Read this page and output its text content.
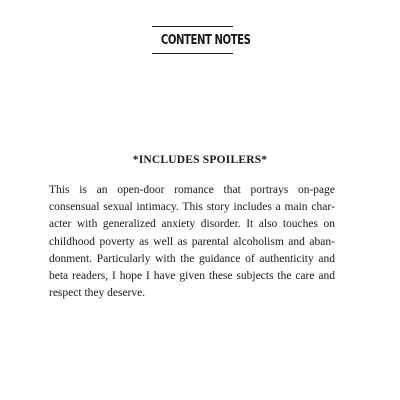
CONTENT NOTES
*INCLUDES SPOILERS*

This is an open-door romance that portrays on-page consensual sexual intimacy. This story includes a main character with generalized anxiety disorder. It also touches on childhood poverty as well as parental alcoholism and abandonment. Particularly with the guidance of authenticity and beta readers, I hope I have given these subjects the care and respect they deserve.
